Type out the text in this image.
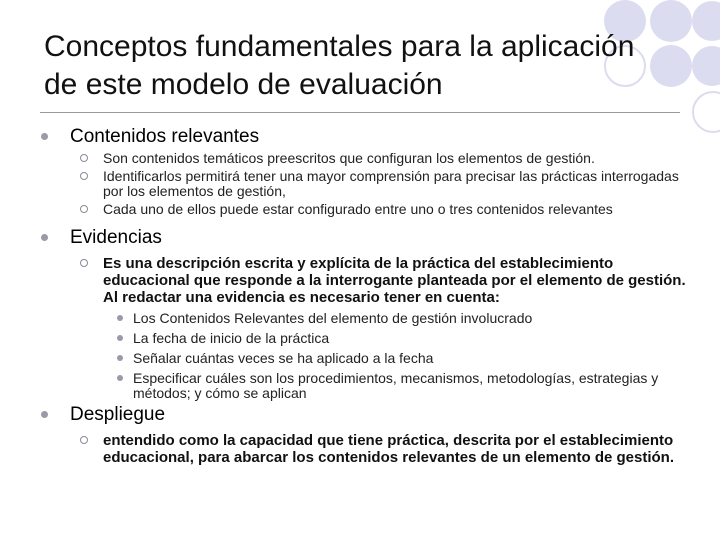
Conceptos fundamentales para la aplicación de este modelo de evaluación
Contenidos relevantes
Son contenidos temáticos preescritos que configuran los elementos de gestión.
Identificarlos permitirá tener una mayor comprensión para precisar las prácticas interrogadas por los elementos de gestión,
Cada uno de ellos puede estar configurado entre uno o tres contenidos relevantes
Evidencias
Es una descripción escrita y explícita de la práctica del establecimiento educacional que responde a la interrogante planteada por el elemento de gestión. Al redactar una evidencia es necesario tener en cuenta:
Los Contenidos Relevantes del elemento de gestión involucrado
La fecha de inicio de la práctica
Señalar cuántas veces se ha aplicado a la fecha
Especificar cuáles son los procedimientos, mecanismos, metodologías, estrategias y métodos; y cómo se aplican
Despliegue
entendido como la capacidad que tiene práctica, descrita por el establecimiento educacional, para abarcar los contenidos relevantes de un elemento de gestión.
